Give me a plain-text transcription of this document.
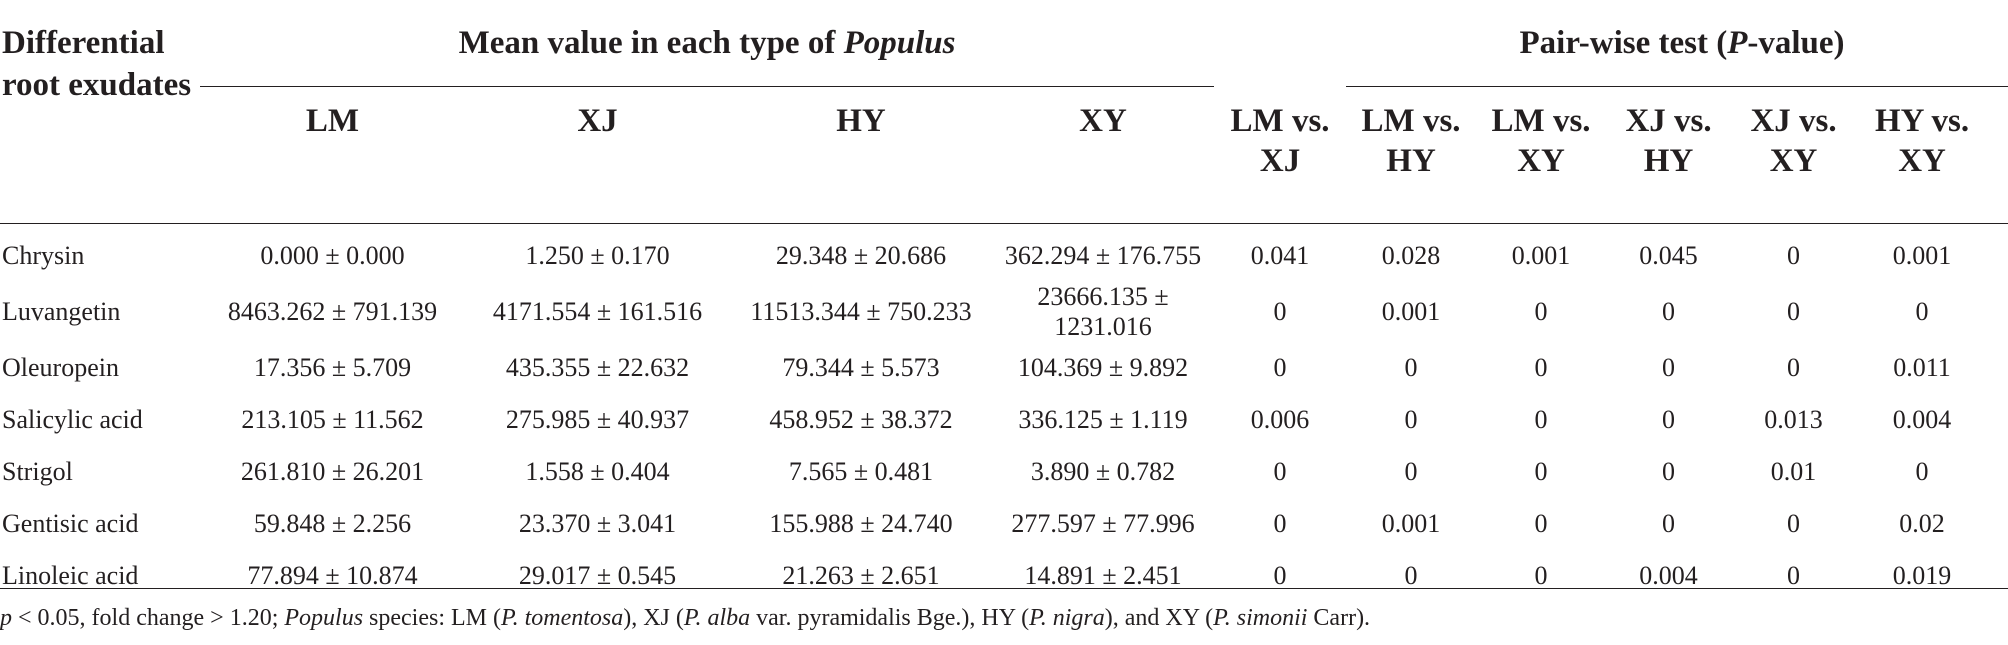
Differential root exudates	Mean value in each type of Populus					Pair-wise test (P-value)				
	LM	XJ	HY	XY	LM vs. XJ	LM vs. HY	LM vs. XY	XJ vs. HY	XJ vs. XY	HY vs. XY
Chrysin	0.000 ± 0.000	1.250 ± 0.170	29.348 ± 20.686	362.294 ± 176.755	0.041	0.028	0.001	0.045	0	0.001
Luvangetin	8463.262 ± 791.139	4171.554 ± 161.516	11513.344 ± 750.233	23666.135 ± 1231.016	0	0.001	0	0	0	0
Oleuropein	17.356 ± 5.709	435.355 ± 22.632	79.344 ± 5.573	104.369 ± 9.892	0	0	0	0	0	0.011
Salicylic acid	213.105 ± 11.562	275.985 ± 40.937	458.952 ± 38.372	336.125 ± 1.119	0.006	0	0	0	0.013	0.004
Strigol	261.810 ± 26.201	1.558 ± 0.404	7.565 ± 0.481	3.890 ± 0.782	0	0	0	0	0.01	0
Gentisic acid	59.848 ± 2.256	23.370 ± 3.041	155.988 ± 24.740	277.597 ± 77.996	0	0.001	0	0	0	0.02
Linoleic acid	77.894 ± 10.874	29.017 ± 0.545	21.263 ± 2.651	14.891 ± 2.451	0	0	0	0.004	0	0.019
p < 0.05, fold change > 1.20; Populus species: LM (P. tomentosa), XJ (P. alba var. pyramidalis Bge.), HY (P. nigra), and XY (P. simonii Carr).
